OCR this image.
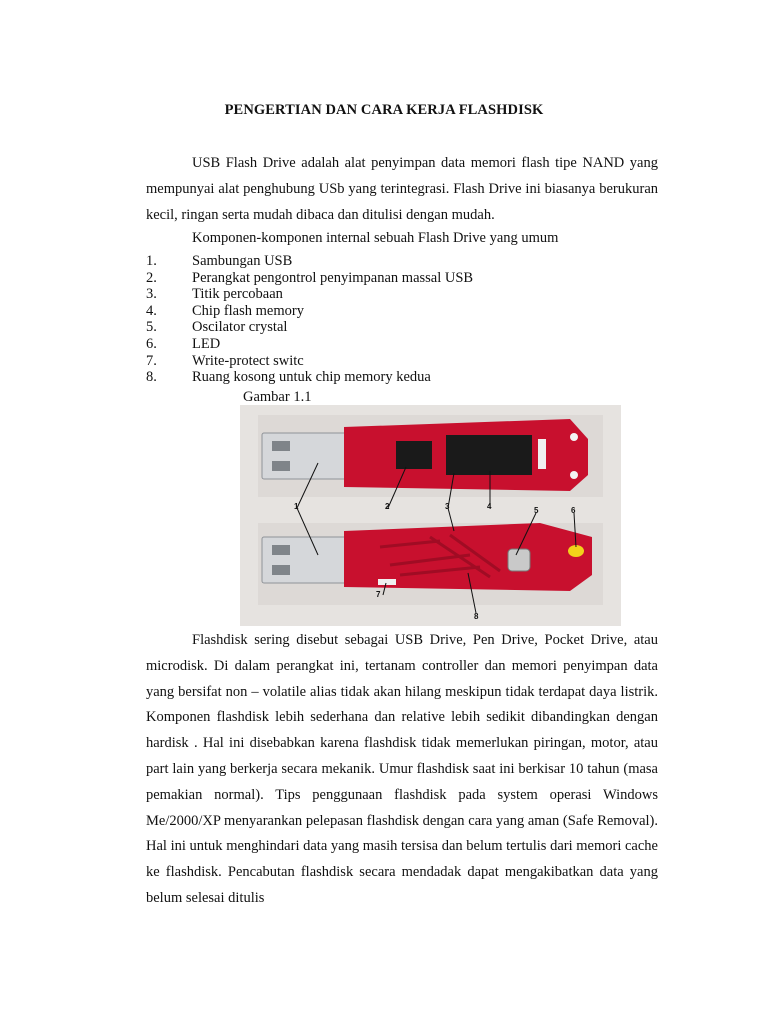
PENGERTIAN DAN CARA KERJA FLASHDISK

USB Flash Drive adalah alat penyimpan data memori flash tipe NAND yang mempunyai alat penghubung USb yang terintegrasi. Flash Drive ini biasanya berukuran kecil, ringan serta mudah dibaca dan ditulisi dengan mudah.

Komponen-komponen internal sebuah Flash Drive yang umum
1.	Sambungan USB
2.	Perangkat pengontrol penyimpanan massal USB
3.	Titik percobaan
4.	Chip flash memory
5.	Oscilator crystal
6.	LED
7.	Write-protect switc
8.	Ruang kosong untuk chip memory kedua
Gambar 1.1
1	2	3	4	5	6
7
8

Flashdisk sering disebut sebagai USB Drive, Pen Drive, Pocket Drive, atau microdisk. Di dalam perangkat ini, tertanam controller dan memori penyimpan data yang bersifat non – volatile alias tidak akan hilang meskipun tidak terdapat daya listrik. Komponen flashdisk lebih sederhana dan relative lebih sedikit dibandingkan dengan hardisk . Hal ini disebabkan karena flashdisk tidak memerlukan piringan, motor, atau part lain yang berkerja secara mekanik. Umur flashdisk saat ini berkisar 10 tahun (masa pemakian normal). Tips penggunaan flashdisk pada system operasi Windows Me/2000/XP menyarankan pelepasan flashdisk dengan cara yang aman (Safe Removal). Hal ini untuk menghindari data yang masih tersisa dan belum tertulis dari memori cache ke flashdisk. Pencabutan flashdisk secara mendadak dapat mengakibatkan data yang belum selesai ditulis
